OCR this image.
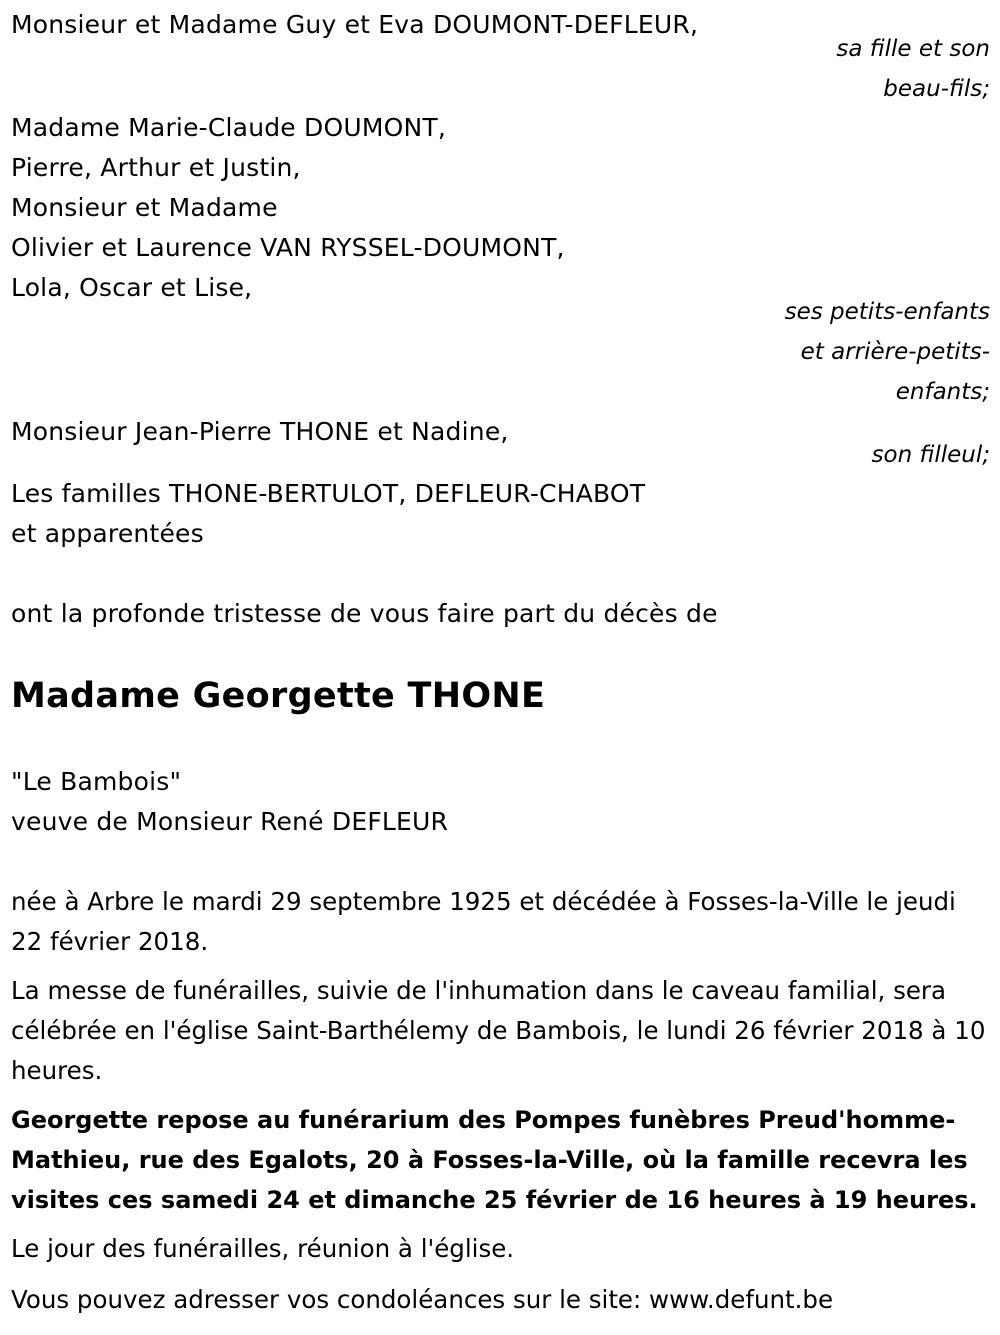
Monsieur et Madame Guy et Eva DOUMONT-DEFLEUR,
sa fille et son
beau-fils;
Madame Marie-Claude DOUMONT,
Pierre, Arthur et Justin,
Monsieur et Madame
Olivier et Laurence VAN RYSSEL-DOUMONT,
Lola, Oscar et Lise,
ses petits-enfants
et arrière-petits-
enfants;
Monsieur Jean-Pierre THONE et Nadine,
son filleul;
Les familles THONE-BERTULOT, DEFLEUR-CHABOT
et apparentées
ont la profonde tristesse de vous faire part du décès de
Madame Georgette THONE
"Le Bambois"
veuve de Monsieur René DEFLEUR
née à Arbre le mardi 29 septembre 1925 et décédée à Fosses-la-Ville le jeudi 22 février 2018.
La messe de funérailles, suivie de l'inhumation dans le caveau familial, sera célébrée en l'église Saint-Barthélemy de Bambois, le lundi 26 février 2018 à 10 heures.
Georgette repose au funérarium des Pompes funèbres Preud'homme-Mathieu, rue des Egalots, 20 à Fosses-la-Ville, où la famille recevra les visites ces samedi 24 et dimanche 25 février de 16 heures à 19 heures.
Le jour des funérailles, réunion à l'église.
Vous pouvez adresser vos condoléances sur le site: www.defunt.be
